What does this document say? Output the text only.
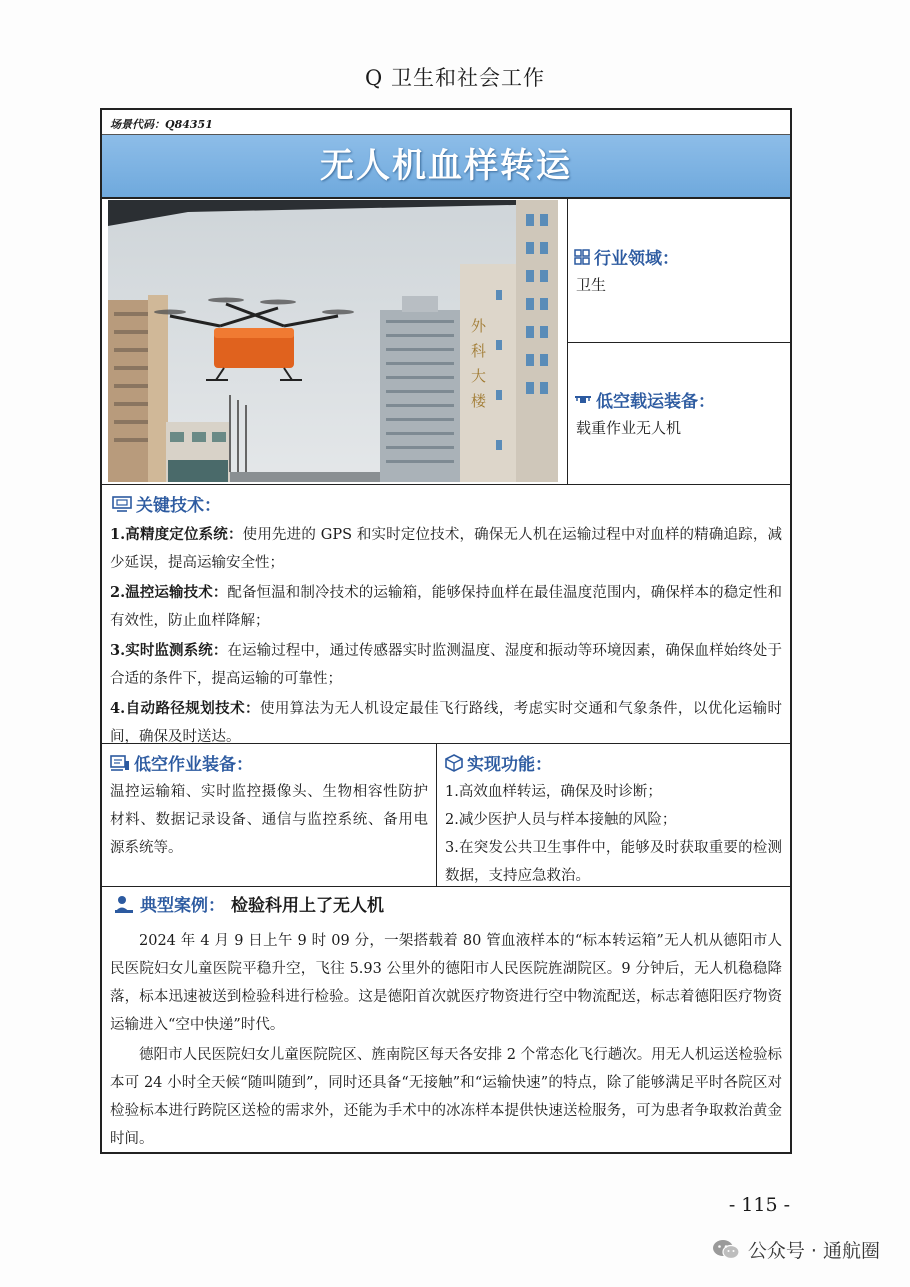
Q 卫生和社会工作
场景代码：Q84351
无人机血样转运
外科大楼
行业领域：
卫生
低空载运装备：
载重作业无人机
关键技术：

1.高精度定位系统：使用先进的 GPS 和实时定位技术，确保无人机在运输过程中对血样的精确追踪，减少延误，提高运输安全性；

2.温控运输技术：配备恒温和制冷技术的运输箱，能够保持血样在最佳温度范围内，确保样本的稳定性和有效性，防止血样降解；

3.实时监测系统：在运输过程中，通过传感器实时监测温度、湿度和振动等环境因素，确保血样始终处于合适的条件下，提高运输的可靠性；

4.自动路径规划技术：使用算法为无人机设定最佳飞行路线，考虑实时交通和气象条件，以优化运输时间，确保及时送达。

低空作业装备：
温控运输箱、实时监控摄像头、生物相容性防护材料、数据记录设备、通信与监控系统、备用电源系统等。
实现功能：
1.高效血样转运，确保及时诊断；
2.减少医护人员与样本接触的风险；
3.在突发公共卫生事件中，能够及时获取重要的检测数据，支持应急救治。
典型案例： 检验科用上了无人机

2024 年 4 月 9 日上午 9 时 09 分，一架搭载着 80 管血液样本的“标本转运箱”无人机从德阳市人民医院妇女儿童医院平稳升空，飞往 5.93 公里外的德阳市人民医院旌湖院区。9 分钟后，无人机稳稳降落，标本迅速被送到检验科进行检验。这是德阳首次就医疗物资进行空中物流配送，标志着德阳医疗物资运输进入“空中快递”时代。

德阳市人民医院妇女儿童医院院区、旌南院区每天各安排 2 个常态化飞行趟次。用无人机运送检验标本可 24 小时全天候“随叫随到”，同时还具备“无接触”和“运输快速”的特点，除了能够满足平时各院区对检验标本进行跨院区送检的需求外，还能为手术中的冰冻样本提供快速送检服务，可为患者争取救治黄金时间。

- 115 -
公众号 · 通航圈
